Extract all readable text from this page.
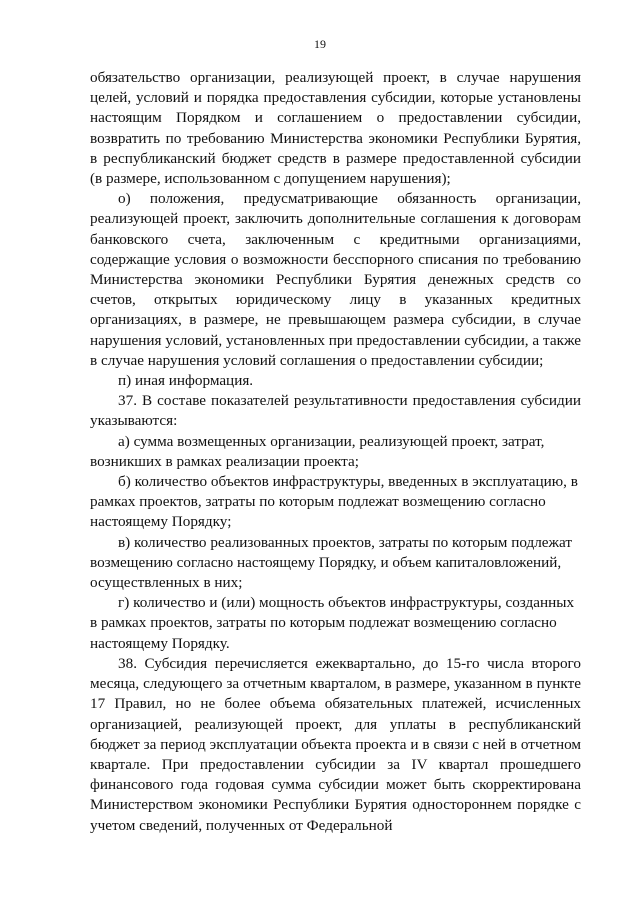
19

обязательство организации, реализующей проект, в случае нарушения целей, условий и порядка предоставления субсидии, которые установлены настоящим Порядком и соглашением о предоставлении субсидии, возвратить по требованию Министерства экономики Республики Бурятия, в республиканский бюджет средств в размере предоставленной субсидии (в размере, использованном с допущением нарушения);

о) положения, предусматривающие обязанность организации, реализующей проект, заключить дополнительные соглашения к договорам банковского счета, заключенным с кредитными организациями, содержащие условия о возможности бесспорного списания по требованию Министерства экономики Республики Бурятия денежных средств со счетов, открытых юридическому лицу в указанных кредитных организациях, в размере, не превышающем размера субсидии, в случае нарушения условий, установленных при предоставлении субсидии, а также в случае нарушения условий соглашения о предоставлении субсидии;

п) иная информация.

37. В составе показателей результативности предоставления субсидии указываются:

а) сумма возмещенных организации, реализующей проект, затрат, возникших в рамках реализации проекта;

б) количество объектов инфраструктуры, введенных в эксплуатацию, в рамках проектов, затраты по которым подлежат возмещению согласно настоящему Порядку;

в) количество реализованных проектов, затраты по которым подлежат возмещению согласно настоящему Порядку, и объем капиталовложений, осуществленных в них;

г) количество и (или) мощность объектов инфраструктуры, созданных в рамках проектов, затраты по которым подлежат возмещению согласно настоящему Порядку.

38. Субсидия перечисляется ежеквартально, до 15-го числа второго месяца, следующего за отчетным кварталом, в размере, указанном в пункте 17 Правил, но не более объема обязательных платежей, исчисленных организацией, реализующей проект, для уплаты в республиканский бюджет за период эксплуатации объекта проекта и в связи с ней в отчетном квартале. При предоставлении субсидии за IV квартал прошедшего финансового года годовая сумма субсидии может быть скорректирована Министерством экономики Республики Бурятия одностороннем порядке с учетом сведений, полученных от Федеральной
